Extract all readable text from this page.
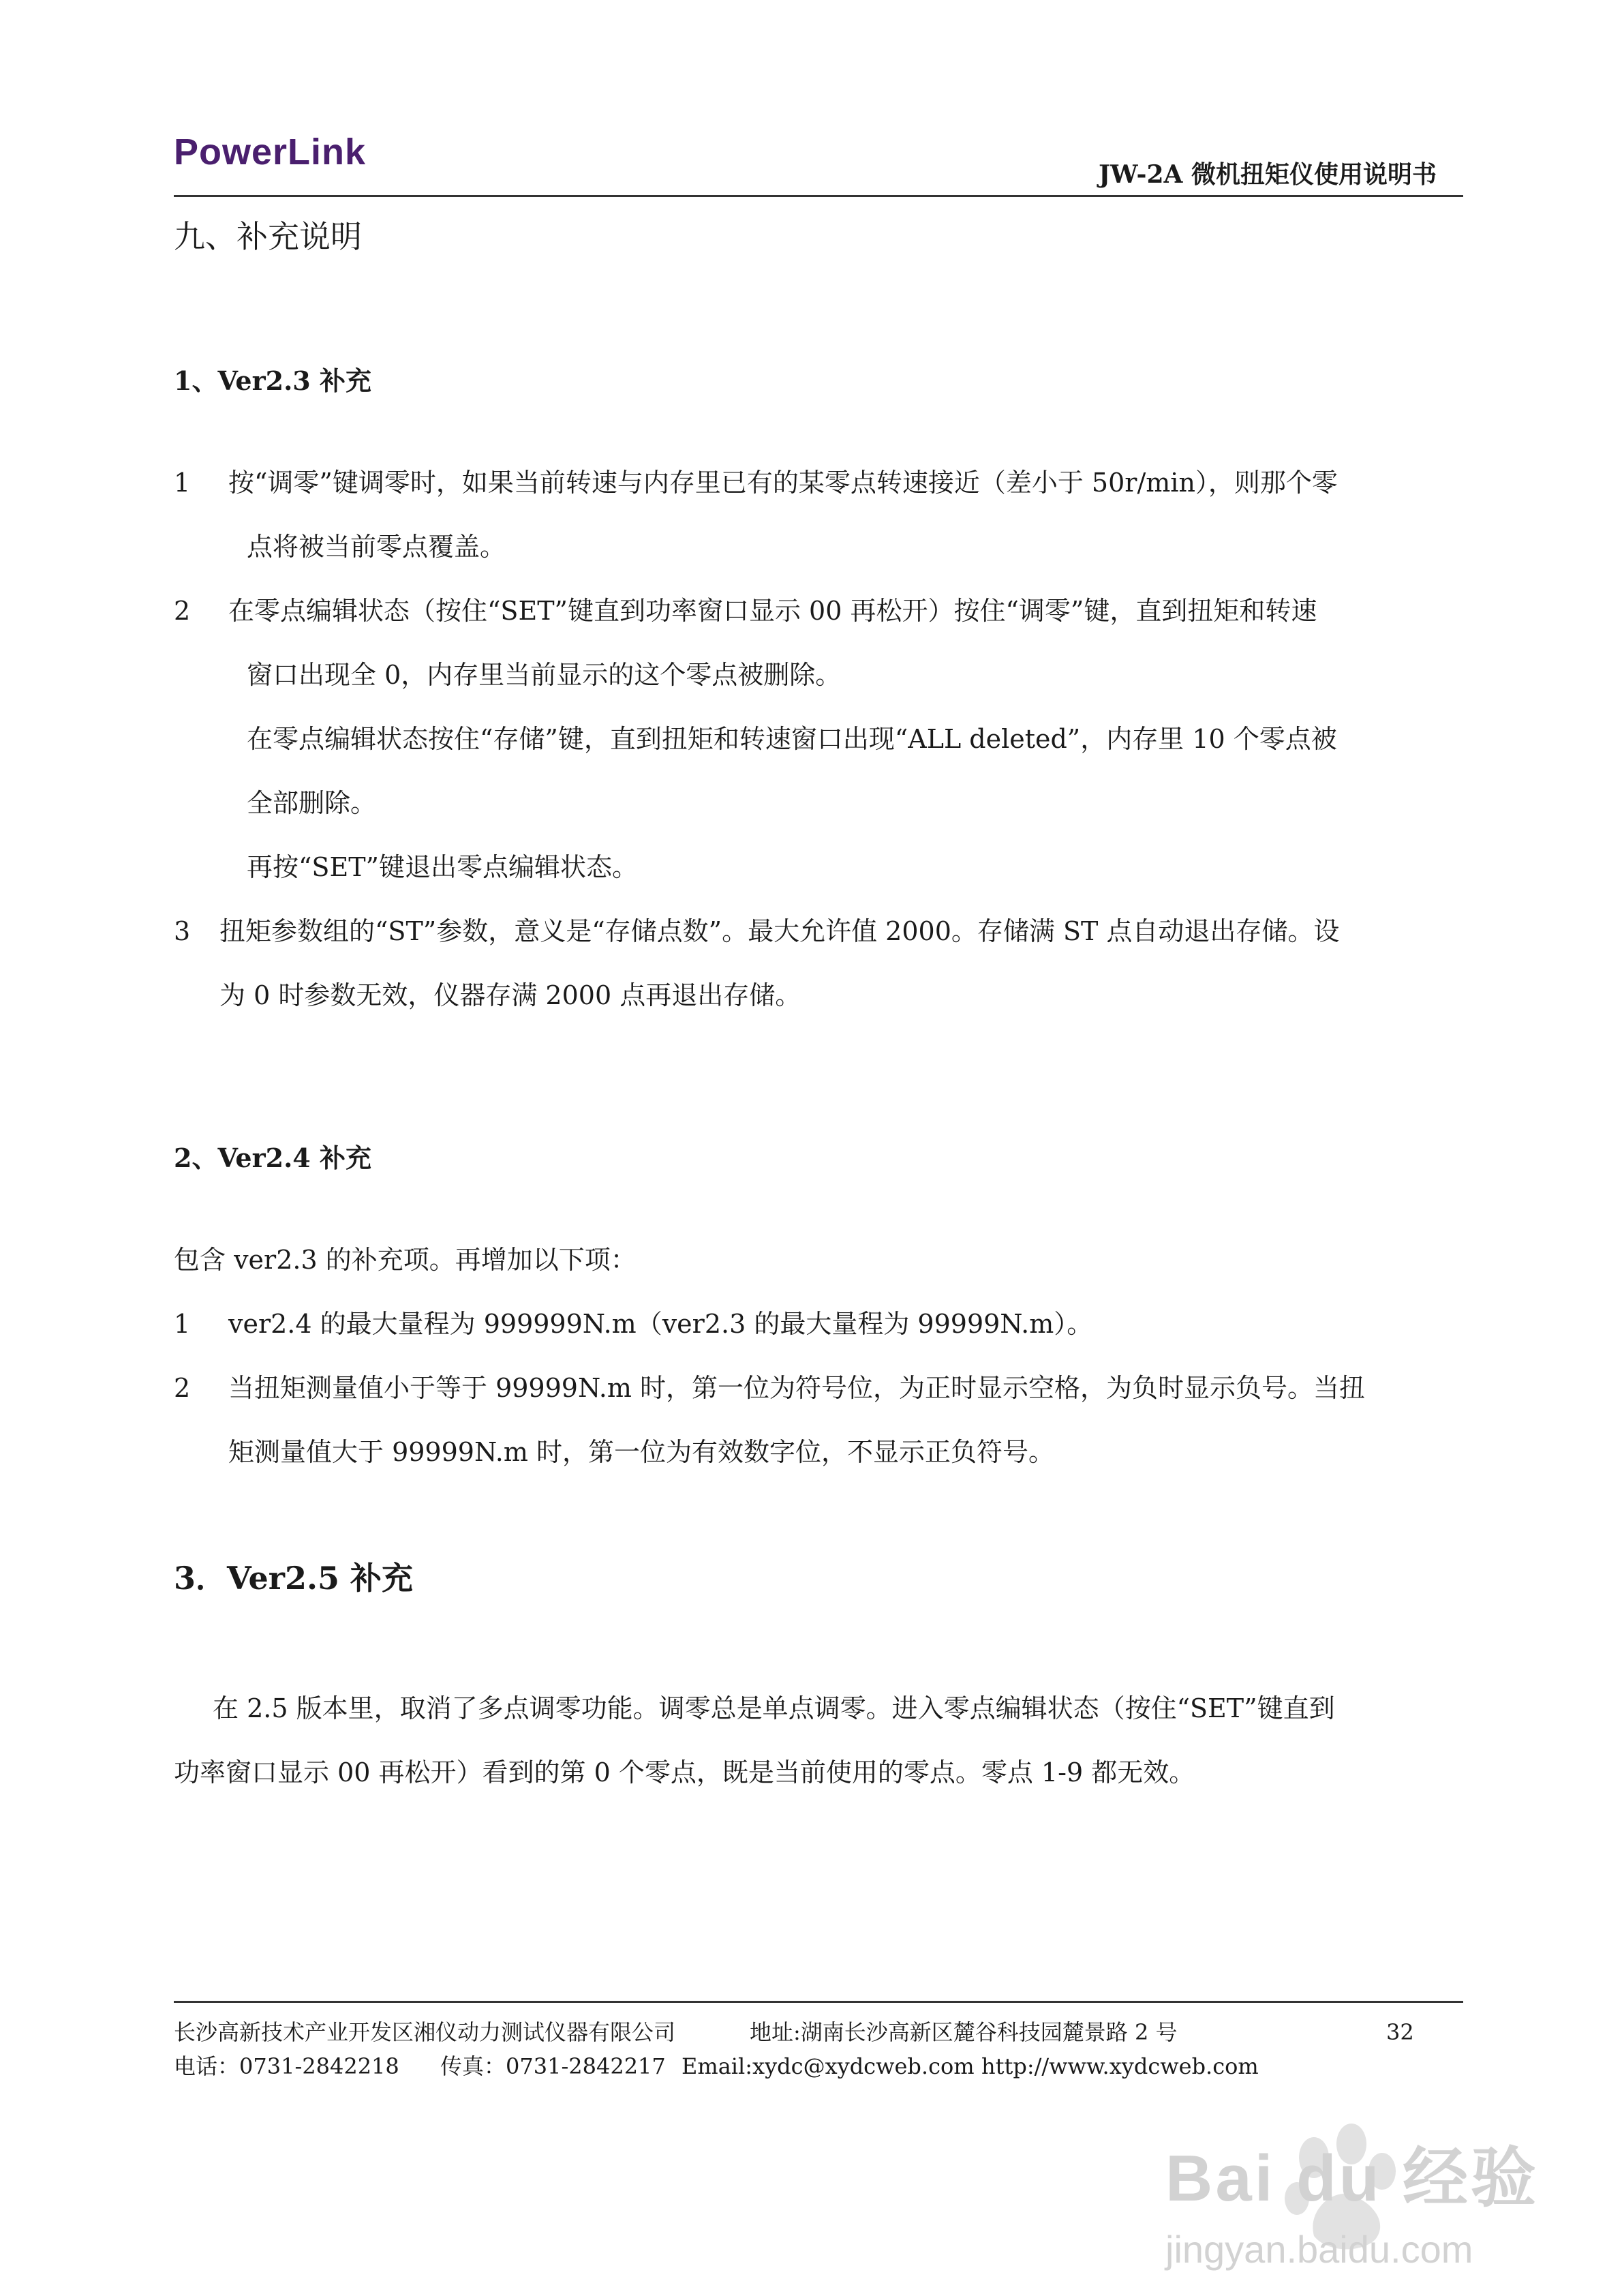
PowerLink
JW-2A 微机扭矩仪使用说明书
九、补充说明
1、Ver2.3 补充
1 按“调零”键调零时，如果当前转速与内存里已有的某零点转速接近（差小于 50r/min），则那个零
点将被当前零点覆盖。
2 在零点编辑状态（按住“SET”键直到功率窗口显示 00 再松开）按住“调零”键，直到扭矩和转速
窗口出现全 0，内存里当前显示的这个零点被删除。
在零点编辑状态按住“存储”键，直到扭矩和转速窗口出现“ALL deleted”，内存里 10 个零点被
全部删除。
再按“SET”键退出零点编辑状态。
3 扭矩参数组的“ST”参数，意义是“存储点数”。最大允许值 2000。存储满 ST 点自动退出存储。设
为 0 时参数无效，仪器存满 2000 点再退出存储。
2、Ver2.4 补充
包含 ver2.3 的补充项。再增加以下项：
1 ver2.4 的最大量程为 999999N.m（ver2.3 的最大量程为 99999N.m）。
2 当扭矩测量值小于等于 99999N.m 时，第一位为符号位，为正时显示空格，为负时显示负号。当扭
矩测量值大于 99999N.m 时，第一位为有效数字位，不显示正负符号。
3．Ver2.5 补充
在 2.5 版本里，取消了多点调零功能。调零总是单点调零。进入零点编辑状态（按住“SET”键直到
功率窗口显示 00 再松开）看到的第 0 个零点，既是当前使用的零点。零点 1-9 都无效。
长沙高新技术产业开发区湘仪动力测试仪器有限公司	地址:湖南长沙高新区麓谷科技园麓景路 2 号	32
电话：0731-2842218 传真：0731-2842217 Email:xydc@xydcweb.com http://www.xydcweb.com
Bai du 经验
jingyan.baidu.com
